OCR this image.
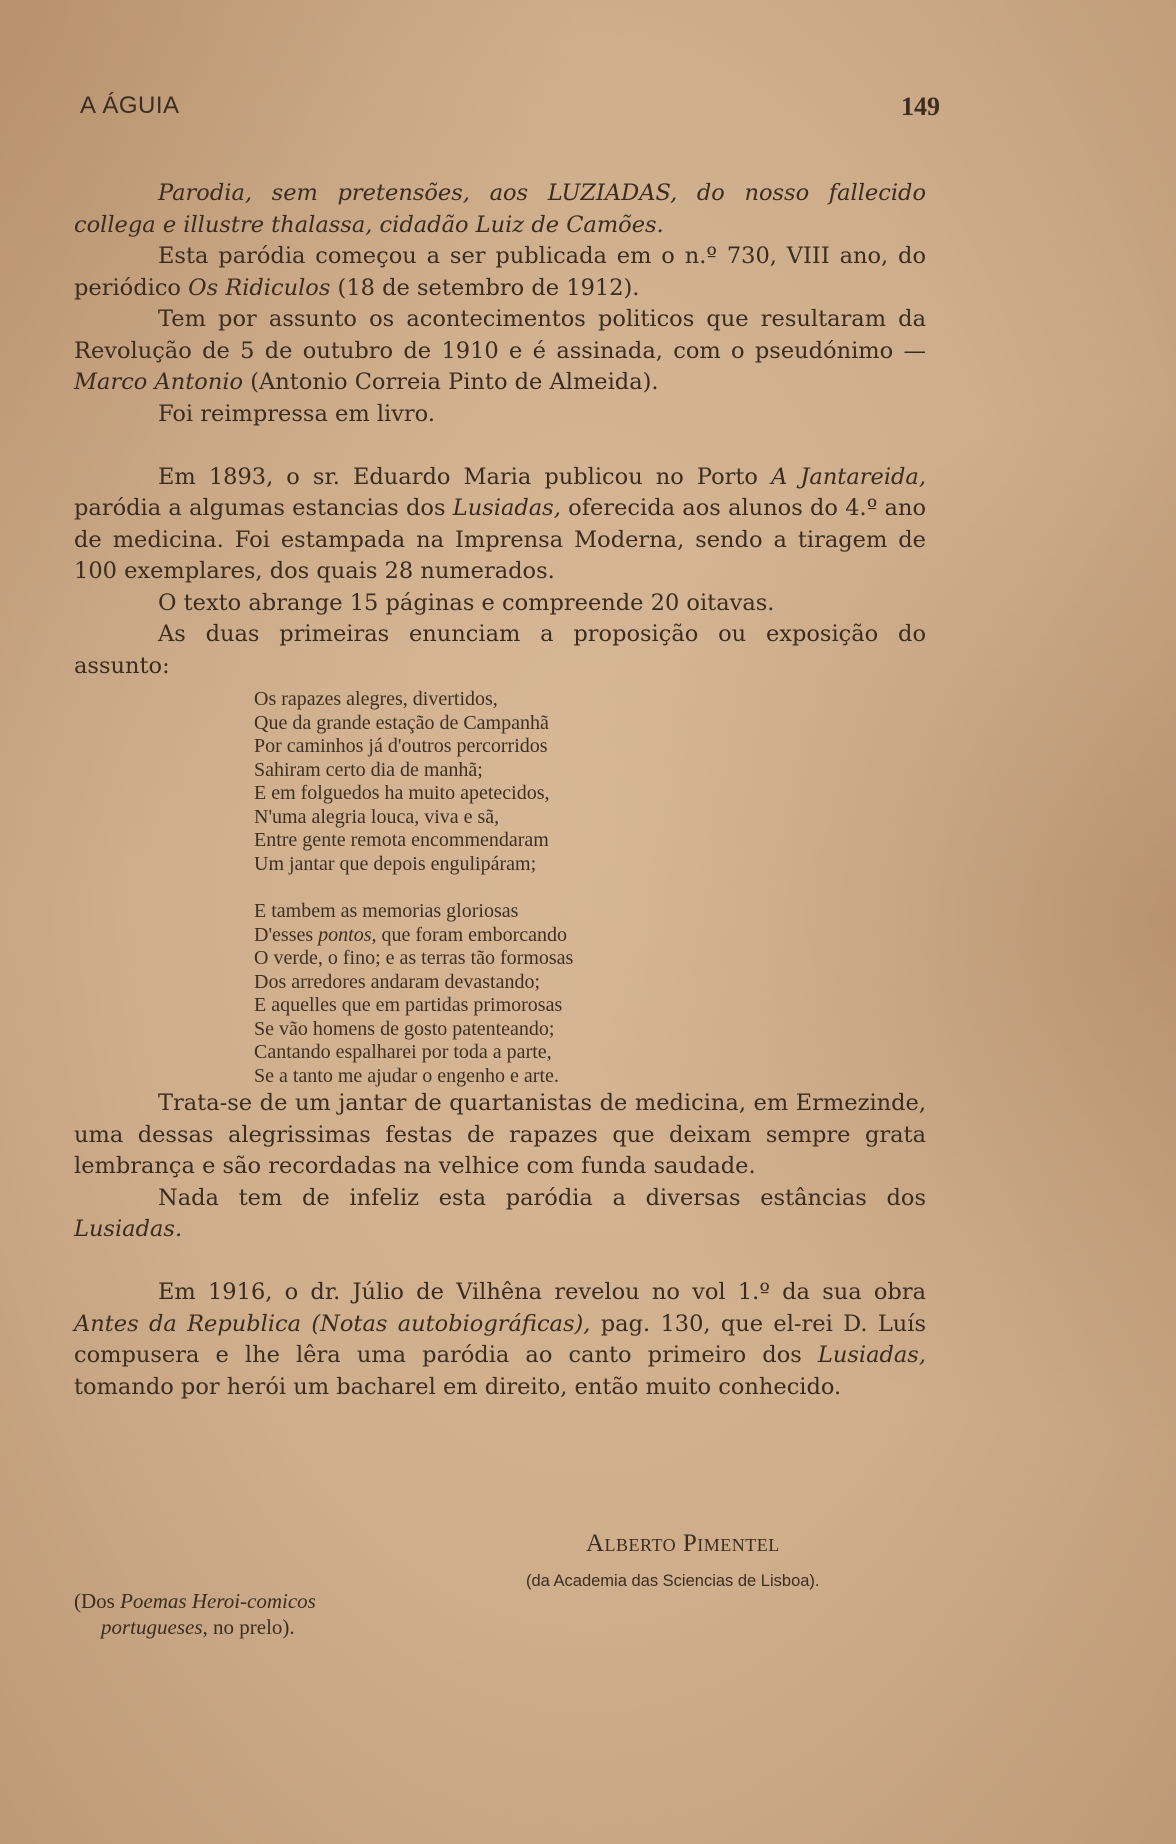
A ÁGUIA	149

Parodia, sem pretensões, aos LUZIADAS, do nosso fallecido collega e illustre thalassa, cidadão Luiz de Camões.

Esta paródia começou a ser publicada em o n.º 730, VIII ano, do periódico Os Ridiculos (18 de setembro de 1912).

Tem por assunto os acontecimentos politicos que resultaram da Revolução de 5 de outubro de 1910 e é assinada, com o pseudónimo — Marco Antonio (Antonio Correia Pinto de Almeida).

Foi reimpressa em livro.

Em 1893, o sr. Eduardo Maria publicou no Porto A Jantareida, paródia a algumas estancias dos Lusiadas, oferecida aos alunos do 4.º ano de medicina. Foi estampada na Imprensa Moderna, sendo a tiragem de 100 exemplares, dos quais 28 numerados.

O texto abrange 15 páginas e compreende 20 oitavas.

As duas primeiras enunciam a proposição ou exposição do assunto:

Os rapazes alegres, divertidos,
Que da grande estação de Campanhã
Por caminhos já d'outros percorridos
Sahiram certo dia de manhã;
E em folguedos ha muito apetecidos,
N'uma alegria louca, viva e sã,
Entre gente remota encommendaram
Um jantar que depois engulipáram;
E tambem as memorias gloriosas
D'esses pontos, que foram emborcando
O verde, o fino; e as terras tão formosas
Dos arredores andaram devastando;
E aquelles que em partidas primorosas
Se vão homens de gosto patenteando;
Cantando espalharei por toda a parte,
Se a tanto me ajudar o engenho e arte.

Trata-se de um jantar de quartanistas de medicina, em Ermezinde, uma dessas alegrissimas festas de rapazes que deixam sempre grata lembrança e são recordadas na velhice com funda saudade.

Nada tem de infeliz esta paródia a diversas estâncias dos Lusiadas.

Em 1916, o dr. Júlio de Vilhêna revelou no vol 1.º da sua obra Antes da Republica (Notas autobiográficas), pag. 130, que el-rei D. Luís compusera e lhe lêra uma paródia ao canto primeiro dos Lusiadas, tomando por herói um bacharel em direito, então muito conhecido.

Alberto Pimentel
(da Academia das Sciencias de Lisboa).
(Dos Poemas Heroi-comicos
portugueses, no prelo).
